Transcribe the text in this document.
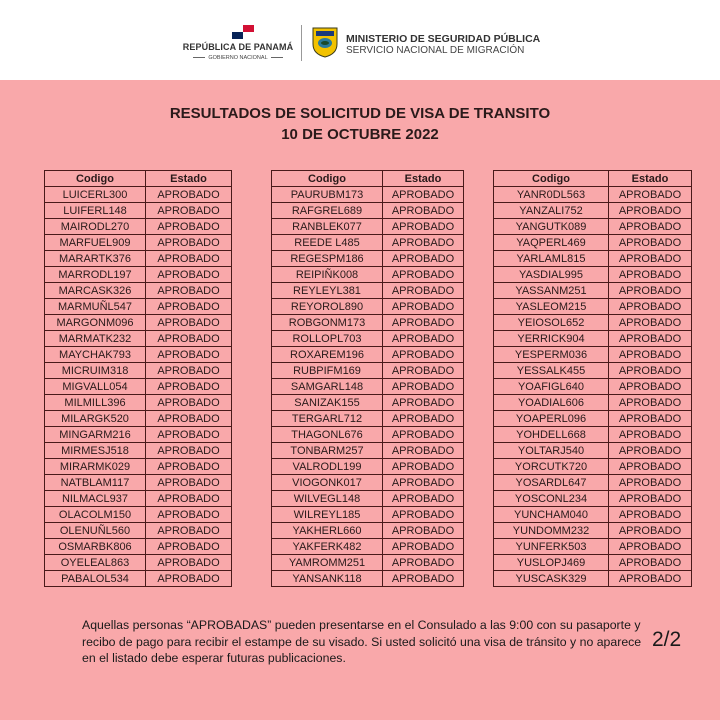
REPÚBLICA DE PANAMÁ
GOBIERNO NACIONAL
MINISTERIO DE SEGURIDAD PÚBLICA
SERVICIO NACIONAL DE MIGRACIÓN
RESULTADOS DE SOLICITUD DE VISA DE TRANSITO
10 DE OCTUBRE 2022
Codigo	Estado
LUICERL300	APROBADO
LUIFERL148	APROBADO
MAIRODL270	APROBADO
MARFUEL909	APROBADO
MARARTK376	APROBADO
MARRODL197	APROBADO
MARCASK326	APROBADO
MARMUÑL547	APROBADO
MARGONM096	APROBADO
MARMATK232	APROBADO
MAYCHAK793	APROBADO
MICRUIM318	APROBADO
MIGVALL054	APROBADO
MILMILL396	APROBADO
MILARGK520	APROBADO
MINGARM216	APROBADO
MIRMESJ518	APROBADO
MIRARMK029	APROBADO
NATBLAM117	APROBADO
NILMACL937	APROBADO
OLACOLM150	APROBADO
OLENUÑL560	APROBADO
OSMARBK806	APROBADO
OYELEAL863	APROBADO
PABALOL534	APROBADO
Codigo	Estado
PAURUBM173	APROBADO
RAFGREL689	APROBADO
RANBLEK077	APROBADO
REEDE L485	APROBADO
REGESPM186	APROBADO
REIPIÑK008	APROBADO
REYLEYL381	APROBADO
REYOROL890	APROBADO
ROBGONM173	APROBADO
ROLLOPL703	APROBADO
ROXAREM196	APROBADO
RUBPIFM169	APROBADO
SAMGARL148	APROBADO
SANIZAK155	APROBADO
TERGARL712	APROBADO
THAGONL676	APROBADO
TONBARM257	APROBADO
VALRODL199	APROBADO
VIOGONK017	APROBADO
WILVEGL148	APROBADO
WILREYL185	APROBADO
YAKHERL660	APROBADO
YAKFERK482	APROBADO
YAMROMM251	APROBADO
YANSANK118	APROBADO
Codigo	Estado
YANR0DL563	APROBADO
YANZALI752	APROBADO
YANGUTK089	APROBADO
YAQPERL469	APROBADO
YARLAML815	APROBADO
YASDIAL995	APROBADO
YASSANM251	APROBADO
YASLEOM215	APROBADO
YEIOSOL652	APROBADO
YERRICK904	APROBADO
YESPERM036	APROBADO
YESSALK455	APROBADO
YOAFIGL640	APROBADO
YOADIAL606	APROBADO
YOAPERL096	APROBADO
YOHDELL668	APROBADO
YOLTARJ540	APROBADO
YORCUTK720	APROBADO
YOSARDL647	APROBADO
YOSCONL234	APROBADO
YUNCHAM040	APROBADO
YUNDOMM232	APROBADO
YUNFERK503	APROBADO
YUSLOPJ469	APROBADO
YUSCASK329	APROBADO
Aquellas personas “APROBADAS” pueden presentarse en el Consulado a las 9:00 con su pasaporte y recibo de pago para recibir el estampe de su visado. Si usted solicitó una visa de tránsito y no aparece en el listado debe esperar futuras publicaciones.
2/2
